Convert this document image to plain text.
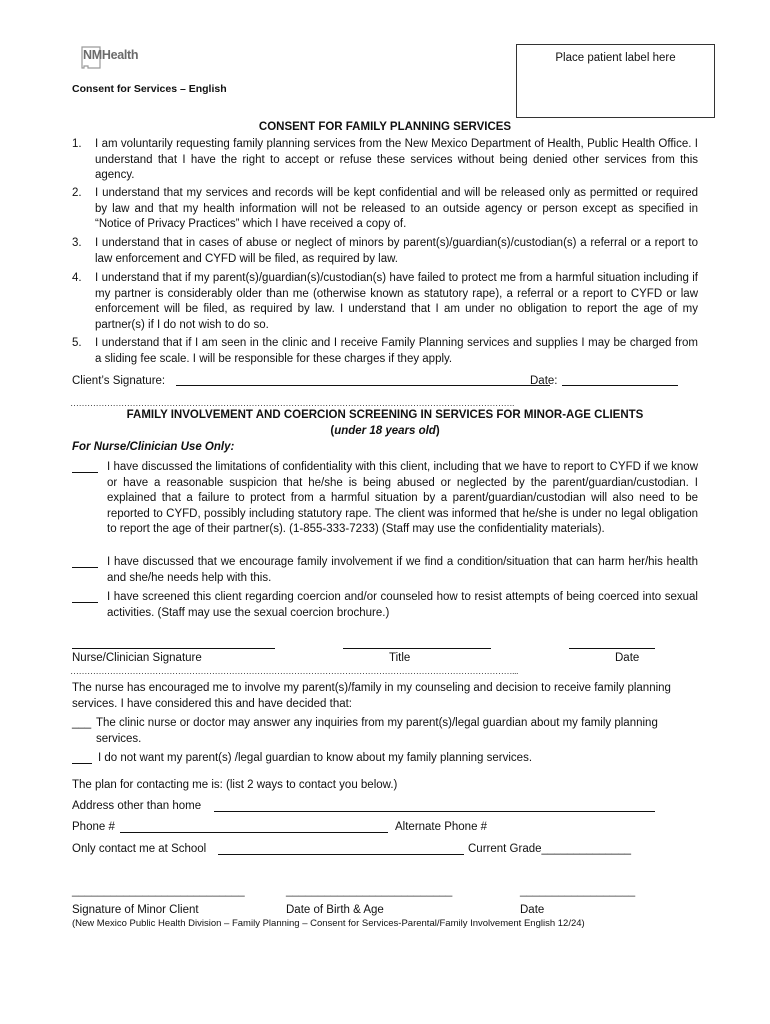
NMHealth	Place patient label here
Consent for Services – English
CONSENT FOR FAMILY PLANNING SERVICES
1. I am voluntarily requesting family planning services from the New Mexico Department of Health, Public Health Office. I understand that I have the right to accept or refuse these services without being denied other services from this agency.
2. I understand that my services and records will be kept confidential and will be released only as permitted or required by law and that my health information will not be released to an outside agency or person except as specified in “Notice of Privacy Practices” which I have received a copy of.
3. I understand that in cases of abuse or neglect of minors by parent(s)/guardian(s)/custodian(s) a referral or a report to law enforcement and CYFD will be filed, as required by law.
4. I understand that if my parent(s)/guardian(s)/custodian(s) have failed to protect me from a harmful situation including if my partner is considerably older than me (otherwise known as statutory rape), a referral or a report to CYFD or law enforcement will be filed, as required by law. I understand that I am under no obligation to report the age of my partner(s) if I do not wish to do so.
5. I understand that if I am seen in the clinic and I receive Family Planning services and supplies I may be charged from a sliding fee scale. I will be responsible for these charges if they apply.
Client’s Signature:	Date:
………………………………………………………………………………………………………………………………………….
FAMILY INVOLVEMENT AND COERCION SCREENING IN SERVICES FOR MINOR-AGE CLIENTS
(under 18 years old)
For Nurse/Clinician Use Only:
I have discussed the limitations of confidentiality with this client, including that we have to report to CYFD if we know or have a reasonable suspicion that he/she is being abused or neglected by the parent/guardian/custodian. I explained that a failure to protect from a harmful situation by a parent/guardian/custodian will also need to be reported to CYFD, possibly including statutory rape. The client was informed that he/she is under no legal obligation to report the age of their partner(s). (1-855-333-7233) (Staff may use the confidentiality materials).
I have discussed that we encourage family involvement if we find a condition/situation that can harm her/his health and she/he needs help with this.
I have screened this client regarding coercion and/or counseled how to resist attempts of being coerced into sexual activities. (Staff may use the sexual coercion brochure.)
Nurse/Clinician Signature	Title	Date
…………………………………………………………………………………………………………………………………………...
The nurse has encouraged me to involve my parent(s)/family in my counseling and decision to receive family planning services. I have considered this and have decided that:
___ The clinic nurse or doctor may answer any inquiries from my parent(s)/legal guardian about my family planning services.
I do not want my parent(s) /legal guardian to know about my family planning services.
The plan for contacting me is: (list 2 ways to contact you below.)
Address other than home
Phone #	Alternate Phone #
Only contact me at School	Current Grade______________
___________________________	__________________________	__________________
Signature of Minor Client	Date of Birth & Age	Date
(New Mexico Public Health Division – Family Planning – Consent for Services-Parental/Family Involvement English 12/24)
